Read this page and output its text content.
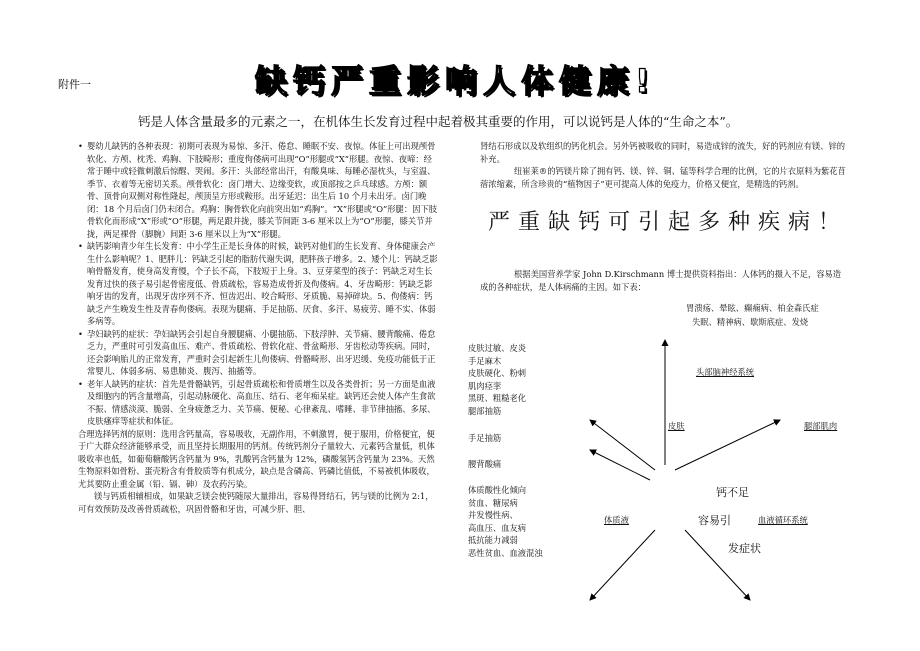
附件一	缺钙严重影响人体健康!
钙是人体含量最多的元素之一，在机体生长发育过程中起着极其重要的作用，可以说钙是人体的“生命之本”。

• 婴幼儿缺钙的各种表现：初期可表现为易惊、多汗、倦怠、睡眠不安、夜惊。体征上可出现颅骨软化、方颅、枕秃、鸡胸、下肢畸形；重度佝偻病可出现“O”形腿或“X”形腿。夜惊、夜啼：经常于睡中或轻微刺激后惊醒、哭闹。多汗：头部经常出汗，有酸臭味、每睡必湿枕头，与室温、季节、衣着等无密切关系。颅骨软化：卤门增大、边缘变软，或顶部按之乒乓球感。方颅：额骨、顶骨向双侧对称性隆起，颅顶呈方形或鞍形。出牙延迟：出生后 10 个月未出牙。卤门晚闭：18 个月后卤门仍未闭合。鸡胸：胸骨软化向前突出如“鸡胸”。“X”形腿或“O”形腿：因下肢骨软化而形成“X”形或“O”形腿，两足跟并拢，膝关节间距 3-6 厘米以上为“O”形腿，膝关节并拢，两足裸骨（脚腕）间距 3-6 厘米以上为“X”形腿。

• 缺钙影响青少年生长发育：中小学生正是长身体的时候，缺钙对他们的生长发育、身体健康会产生什么影响呢？1、肥胖儿：钙缺乏引起的脂肪代谢失调，肥胖孩子增多。2、矮个儿：钙缺乏影响骨骼发育，使身高发育慢，个子长不高，下肢短于上身。3、豆芽菜型的孩子：钙缺乏对生长发育过快的孩子易引起骨密度低、骨质疏松，容易造成骨折及佝偻病。4、牙齿畸形：钙缺乏影响牙齿的发育，出现牙齿序列不齐、恒齿迟出、咬合畸形、牙质脆、易掉碎块。5、佝偻病：钙缺乏产生晚发生性及青春佝偻病。表现为腿痛、手足抽筋、厌食、多汗、易疲劳、睡不实、体弱多病等。

• 孕妇缺钙的症状：孕妇缺钙会引起自身腰腿痛、小腿抽筋、下肢浮肿、关节痛、腰背酸痛、倦怠乏力，严重时可引发高血压、难产、骨质疏松、骨软化症、骨盆畸形、牙齿松动等疾病。同时，还会影响胎儿的正常发育，严重时会引起新生儿佝偻病、骨骼畸形、出牙迟缓、免疫功能低于正常婴儿、体弱多病、易患肺炎、腹泻、抽搐等。

• 老年人缺钙的症状：首先是骨骼缺钙，引起骨质疏松和骨质增生以及各类骨折；另一方面是血液及细胞内的钙含量增高，引起动脉硬化、高血压、结石、老年痴呆症。缺钙还会使人体产生食欲不振、情感淡漠、脆弱、全身疲惫乏力、关节痛、便秘、心律紊乱、嗜睡、非节律抽搐、多尿、皮肤瘙痒等症状和体征。

合理选择钙剂的原则：选用含钙量高，容易吸收，无副作用，不刺激胃，便于服用，价格便宜，便于广大群众经济能够承受，而且坚持长期服用的钙剂。传统钙剂分子量较大、元素钙含量低，机体吸收率也低，如葡萄糖酸钙含钙量为 9%，乳酸钙含钙量为 12%，磷酸氢钙含钙量为 23%。天然生物原料如骨粉、蛋壳粉含有骨胶质等有机成分，缺点是含磷高、钙磷比值低，不易被机体吸收，尤其要防止重金属（铅、镉、砷）及农药污染。

镁与钙质相辅相成，如果缺乏镁会使钙随尿大量排出，容易得肾结石，钙与镁的比例为 2:1，可有效预防及改善骨质疏松，巩固骨骼和牙齿，可减少肝、胆、

肾结石形成以及软组织的钙化机会。另外钙被吸收的同时，易造成锌的流失，好的钙剂应有镁、锌的补充。

纽崔莱®的钙镁片除了拥有钙、镁、锌、铜、锰等科学合理的比例，它的片衣原料为紫花苜蓿浓缩素，所含珍贵的“植物因子”更可提高人体的免疫力，价格又便宜，是精选的钙剂。

严重缺钙可引起多种疾病！
根据美国营养学家 John D.Kirschmann 博士提供资料指出：人体钙的摄入不足，容易造成的各种症状，是人体病痛的主因。如下表：
胃溃疡、晕眩、癫痫病、柏金森氏症
失眠、精神病、歇斯底症、发烧
头部脑神经系统
皮肤过敏、皮炎
手足麻木
皮肤硬化、粉刺
肌肉痉挛
黑斑、粗糙老化
腿部抽筋
皮肤	腿部肌肉
手足抽筋
腰背酸痛
体质酸性化倾向
贫血、糖尿病
并发慢性病、
高血压、血友病
抵抗能力减弱
恶性贫血、血液混浊
体质液	血液循环系统
钙不足
容易引
发症状
